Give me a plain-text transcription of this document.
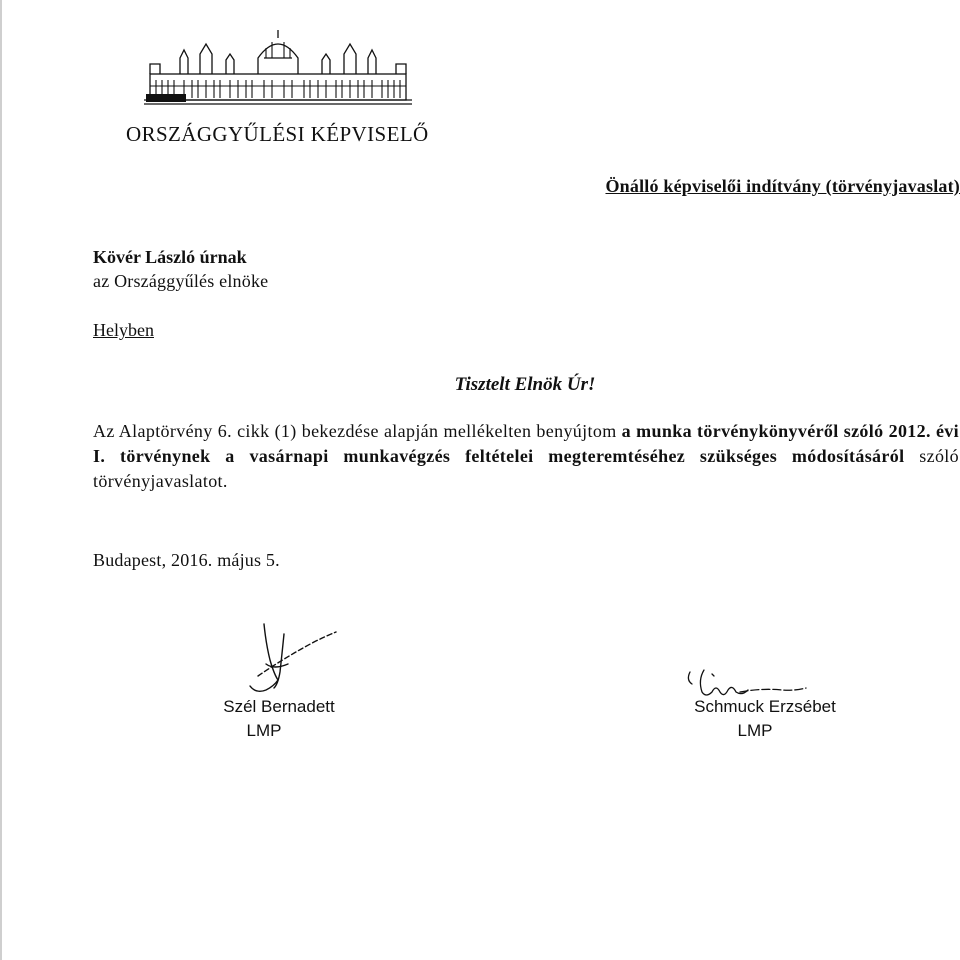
ORSZÁGGYŰLÉSI KÉPVISELŐ
Önálló képviselői indítvány (törvényjavaslat)
Kövér László úrnak
az Országgyűlés elnöke
Helyben
Tisztelt Elnök Úr!
Az Alaptörvény 6. cikk (1) bekezdése alapján mellékelten benyújtom a munka törvénykönyvéről szóló 2012. évi I. törvénynek a vasárnapi munkavégzés feltételei megteremtéséhez szükséges módosításáról szóló törvényjavaslatot.
Budapest, 2016. május 5.
Szél Bernadett
LMP
Schmuck Erzsébet
LMP
